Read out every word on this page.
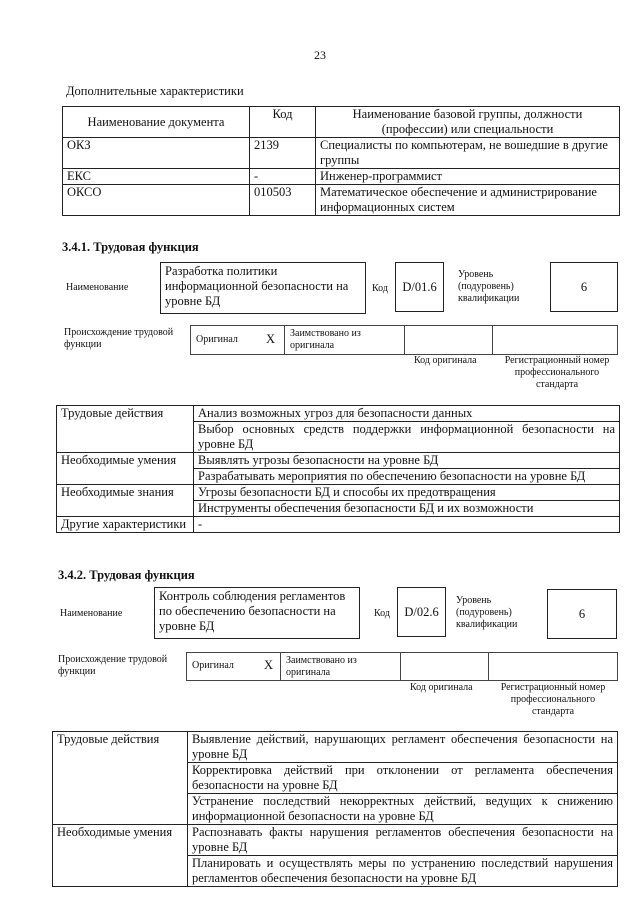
23
Дополнительные характеристики
Наименование документа	Код	Наименование базовой группы, должности (профессии) или специальности
ОКЗ	2139	Специалисты по компьютерам, не вошедшие в другие группы
ЕКС	-	Инженер-программист
ОКСО	010503	Математическое обеспечение и администрирование информационных систем
3.4.1. Трудовая функция
Наименование
Разработка политики информационной безопасности на уровне БД
Код	D/01.6
Уровень (подуровень) квалификации
6
Происхождение трудовой функции	Оригинал X Заимствовано из оригинала
Код оригинала	Регистрационный номер профессионального стандарта
Трудовые действия	Анализ возможных угроз для безопасности данных
	Выбор основных средств поддержки информационной безопасности на уровне БД
Необходимые умения	Выявлять угрозы безопасности на уровне БД
	Разрабатывать мероприятия по обеспечению безопасности на уровне БД
Необходимые знания	Угрозы безопасности БД и способы их предотвращения
	Инструменты обеспечения безопасности БД и их возможности
Другие характеристики	-
3.4.2. Трудовая функция
Наименование
Контроль соблюдения регламентов по обеспечению безопасности на уровне БД
Код	D/02.6
Уровень (подуровень) квалификации
6
Происхождение трудовой функции
Оригинал X Заимствовано из оригинала
Код оригинала	Регистрационный номер профессионального стандарта
Трудовые действия	Выявление действий, нарушающих регламент обеспечения безопасности на уровне БД
	Корректировка действий при отклонении от регламента обеспечения безопасности на уровне БД
	Устранение последствий некорректных действий, ведущих к снижению информационной безопасности на уровне БД
Необходимые умения	Распознавать факты нарушения регламентов обеспечения безопасности на уровне БД
	Планировать и осуществлять меры по устранению последствий нарушения регламентов обеспечения безопасности на уровне БД
